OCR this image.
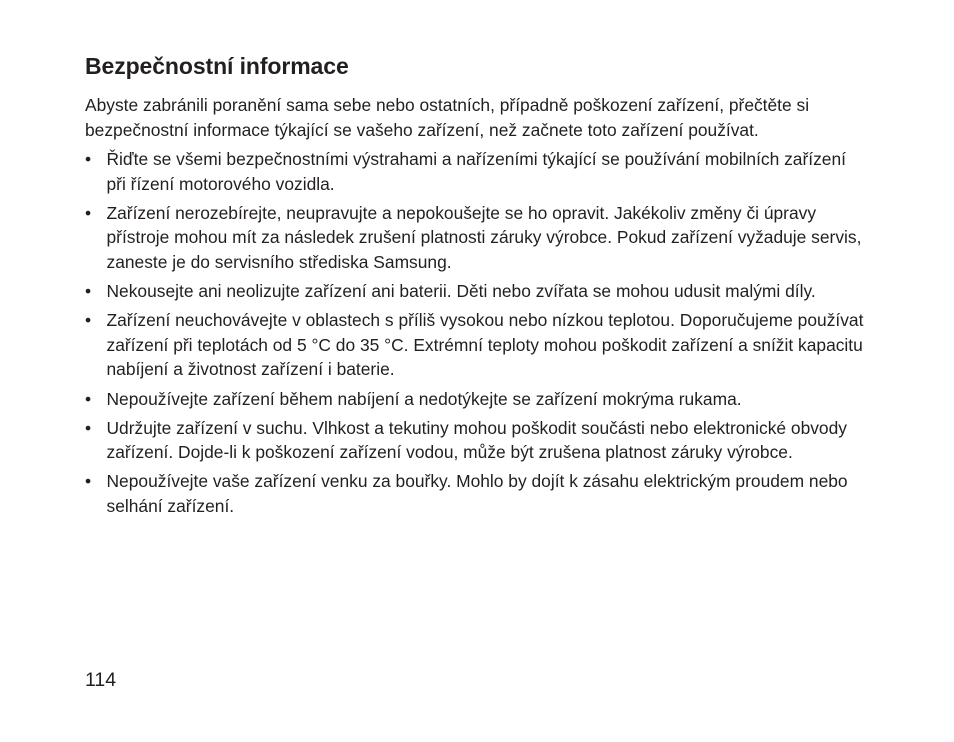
Bezpečnostní informace

Abyste zabránili poranění sama sebe nebo ostatních, případně poškození zařízení, přečtěte si bezpečnostní informace týkající se vašeho zařízení, než začnete toto zařízení používat.

• Řiďte se všemi bezpečnostními výstrahami a nařízeními týkající se používání mobilních zařízení při řízení motorového vozidla.
• Zařízení nerozebírejte, neupravujte a nepokoušejte se ho opravit. Jakékoliv změny či úpravy přístroje mohou mít za následek zrušení platnosti záruky výrobce. Pokud zařízení vyžaduje servis, zaneste je do servisního střediska Samsung.
• Nekousejte ani neolizujte zařízení ani baterii. Děti nebo zvířata se mohou udusit malými díly.
• Zařízení neuchovávejte v oblastech s příliš vysokou nebo nízkou teplotou. Doporučujeme používat zařízení při teplotách od 5 °C do 35 °C. Extrémní teploty mohou poškodit zařízení a snížit kapacitu nabíjení a životnost zařízení i baterie.
• Nepoužívejte zařízení během nabíjení a nedotýkejte se zařízení mokrýma rukama.
• Udržujte zařízení v suchu. Vlhkost a tekutiny mohou poškodit součásti nebo elektronické obvody zařízení. Dojde-li k poškození zařízení vodou, může být zrušena platnost záruky výrobce.
• Nepoužívejte vaše zařízení venku za bouřky. Mohlo by dojít k zásahu elektrickým proudem nebo selhání zařízení.
114
